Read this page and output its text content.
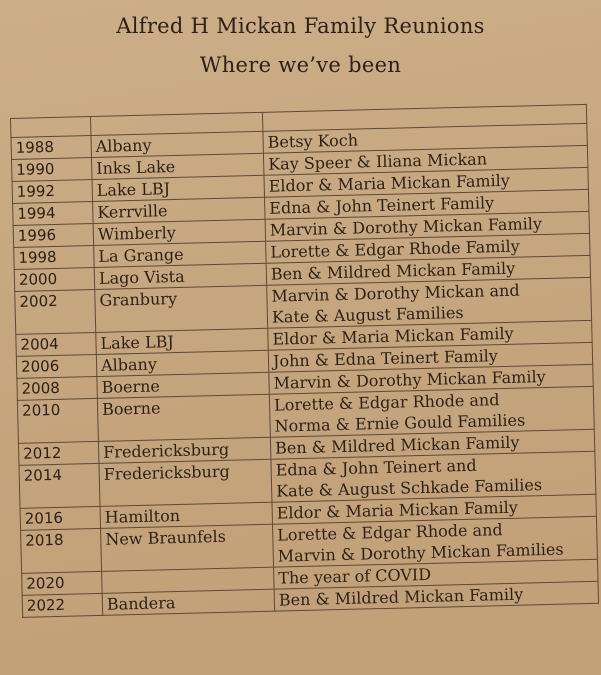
Alfred H Mickan Family Reunions
Where we’ve been

1988	Albany	Betsy Koch

1990	Inks Lake	Kay Speer & Iliana Mickan

1992	Lake LBJ	Eldor & Maria Mickan Family

1994	Kerrville	Edna & John Teinert Family

1996	Wimberly	Marvin & Dorothy Mickan Family

1998	La Grange	Lorette & Edgar Rhode Family

2000	Lago Vista	Ben & Mildred Mickan Family

2002	Granbury	Marvin & Dorothy Mickan and
Kate & August Families

2004	Lake LBJ	Eldor & Maria Mickan Family

2006	Albany	John & Edna Teinert Family

2008	Boerne	Marvin & Dorothy Mickan Family

2010	Boerne	Lorette & Edgar Rhode and
Norma & Ernie Gould Families

2012	Fredericksburg	Ben & Mildred Mickan Family

2014	Fredericksburg	Edna & John Teinert and
Kate & August Schkade Families

2016	Hamilton	Eldor & Maria Mickan Family

2018	New Braunfels	Lorette & Edgar Rhode and
Marvin & Dorothy Mickan Families

2020		The year of COVID

2022	Bandera	Ben & Mildred Mickan Family
